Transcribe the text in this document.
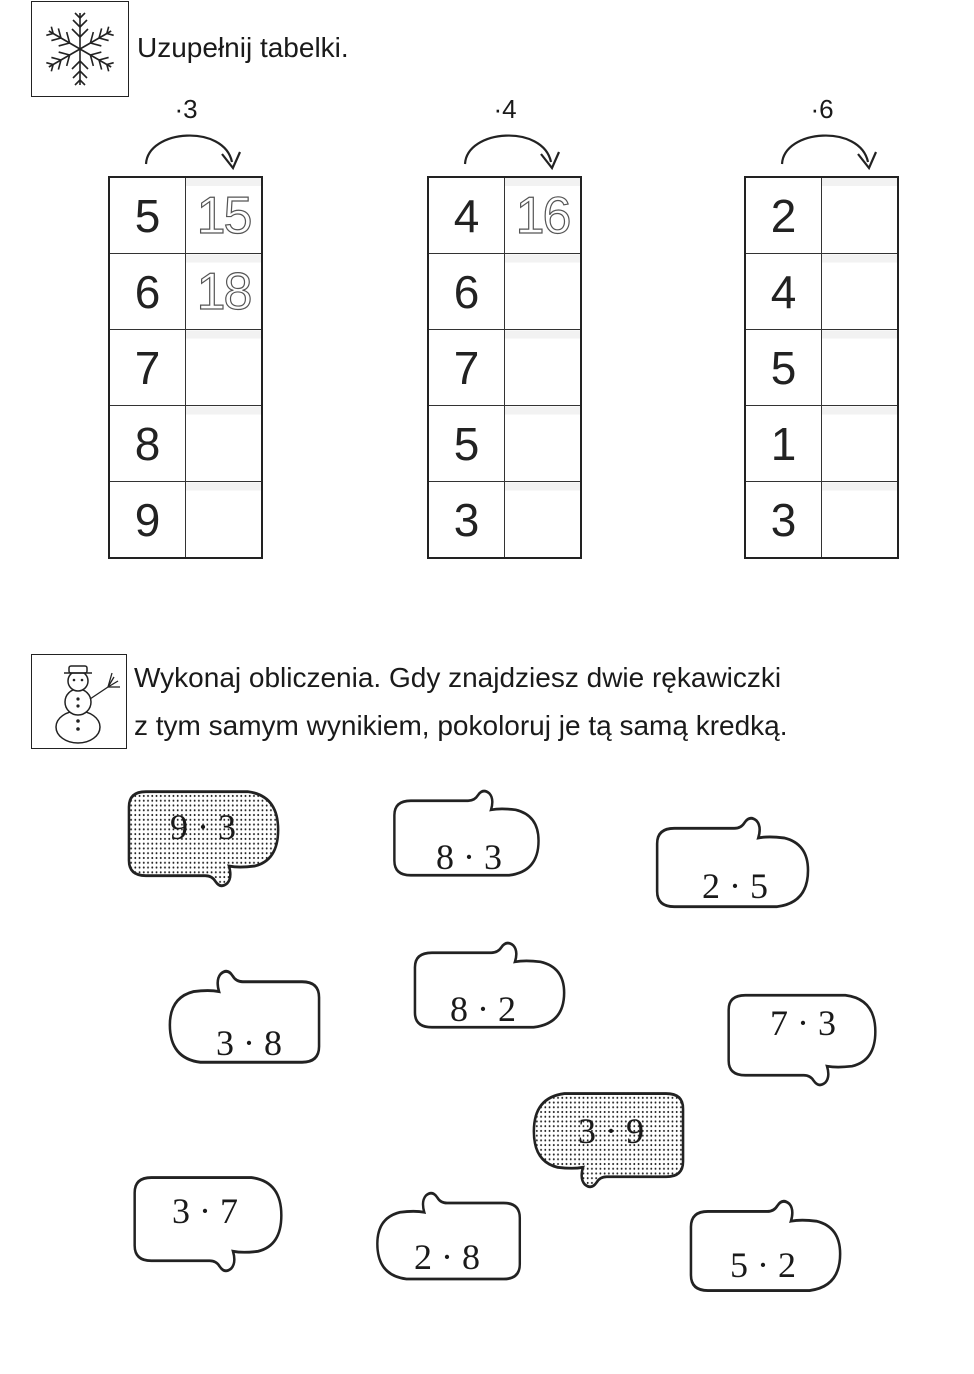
Uzupełnij tabelki.
·3
5	15
6	18
7	
8	
9	
·4
4	16
6	
7	
5	
3	
·6
2	
4	
5	
1	
3	
Wykonaj obliczenia. Gdy znajdziesz dwie rękawiczki
z tym samym wynikiem, pokoloruj je tą samą kredką.
9 · 3
8 · 3
2 · 5
3 · 8
8 · 2	7 · 3
3 · 9
3 · 7
2 · 8	5 · 2
